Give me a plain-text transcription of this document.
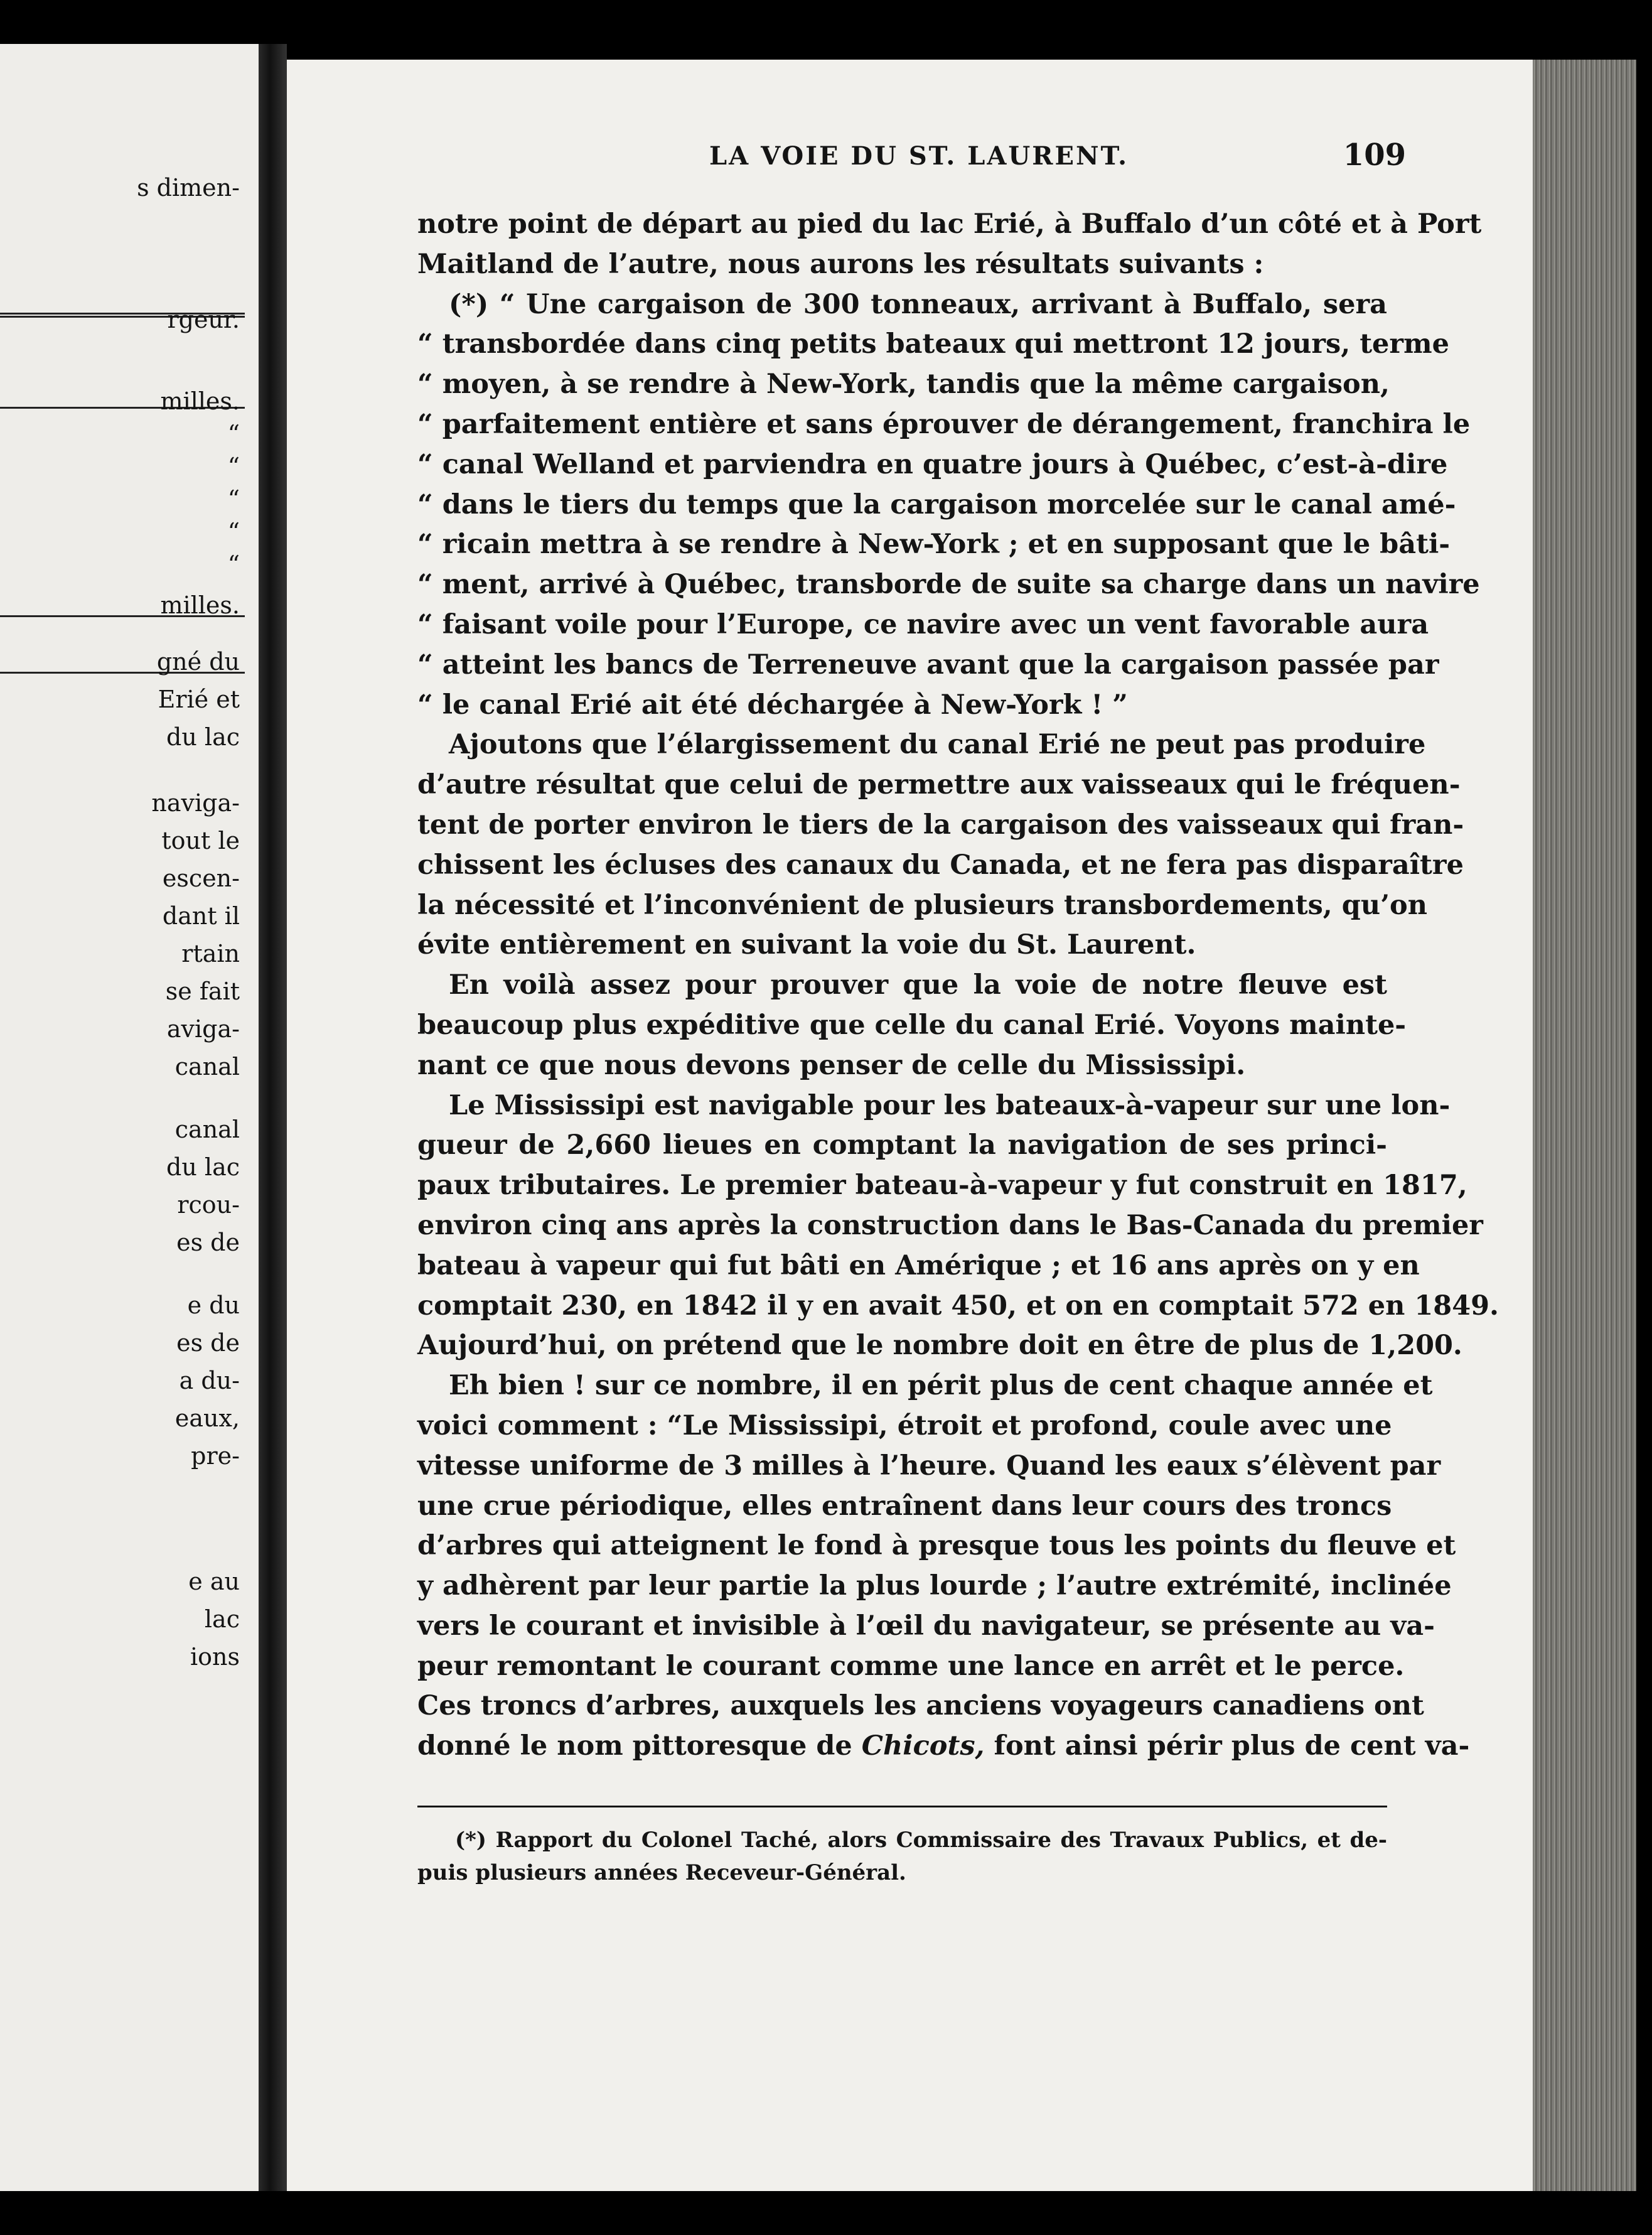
s dimen-
rgeur.
milles.
“
“
“
“
“
milles.
gné du
Erié et
du lac
naviga-
tout le
escen-
dant il
rtain
se fait
aviga-
canal
canal
du lac
rcou-
es de
e du
es de
a du-
eaux,
pre-
e au
lac
ions
LA VOIE DU ST. LAURENT.	109
notre point de départ au pied du lac Erié, à Buffalo d’un côté et à Port
Maitland de l’autre, nous aurons les résultats suivants :
(*) “ Une cargaison de 300 tonneaux, arrivant à Buffalo, sera
“ transbordée dans cinq petits bateaux qui mettront 12 jours, terme
“ moyen, à se rendre à New-York, tandis que la même cargaison,
“ parfaitement entière et sans éprouver de dérangement, franchira le
“ canal Welland et parviendra en quatre jours à Québec, c’est-à-dire
“ dans le tiers du temps que la cargaison morcelée sur le canal amé-
“ ricain mettra à se rendre à New-York ; et en supposant que le bâti-
“ ment, arrivé à Québec, transborde de suite sa charge dans un navire
“ faisant voile pour l’Europe, ce navire avec un vent favorable aura
“ atteint les bancs de Terreneuve avant que la cargaison passée par
“ le canal Erié ait été déchargée à New-York ! ”
Ajoutons que l’élargissement du canal Erié ne peut pas produire
d’autre résultat que celui de permettre aux vaisseaux qui le fréquen-
tent de porter environ le tiers de la cargaison des vaisseaux qui fran-
chissent les écluses des canaux du Canada, et ne fera pas disparaître
la nécessité et l’inconvénient de plusieurs transbordements, qu’on
évite entièrement en suivant la voie du St. Laurent.
En voilà assez pour prouver que la voie de notre fleuve est
beaucoup plus expéditive que celle du canal Erié. Voyons mainte-
nant ce que nous devons penser de celle du Mississipi.
Le Mississipi est navigable pour les bateaux-à-vapeur sur une lon-
gueur de 2,660 lieues en comptant la navigation de ses princi-
paux tributaires. Le premier bateau-à-vapeur y fut construit en 1817,
environ cinq ans après la construction dans le Bas-Canada du premier
bateau à vapeur qui fut bâti en Amérique ; et 16 ans après on y en
comptait 230, en 1842 il y en avait 450, et on en comptait 572 en 1849.
Aujourd’hui, on prétend que le nombre doit en être de plus de 1,200.
Eh bien ! sur ce nombre, il en périt plus de cent chaque année et
voici comment : “Le Mississipi, étroit et profond, coule avec une
vitesse uniforme de 3 milles à l’heure. Quand les eaux s’élèvent par
une crue périodique, elles entraînent dans leur cours des troncs
d’arbres qui atteignent le fond à presque tous les points du fleuve et
y adhèrent par leur partie la plus lourde ; l’autre extrémité, inclinée
vers le courant et invisible à l’œil du navigateur, se présente au va-
peur remontant le courant comme une lance en arrêt et le perce.
Ces troncs d’arbres, auxquels les anciens voyageurs canadiens ont
donné le nom pittoresque de Chicots, font ainsi périr plus de cent va-
(*) Rapport du Colonel Taché, alors Commissaire des Travaux Publics, et de-
puis plusieurs années Receveur-Général.
